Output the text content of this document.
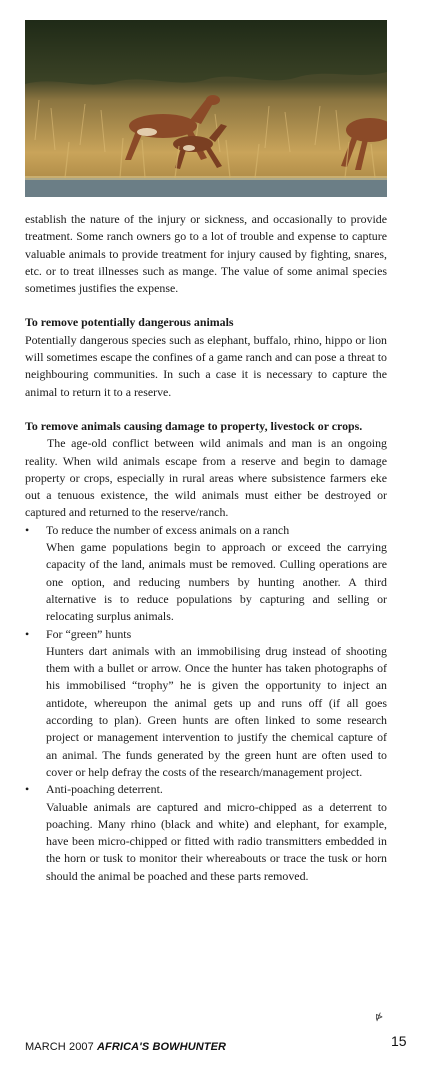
establish the nature of the injury or sickness, and occasionally to provide treatment. Some ranch owners go to a lot of trouble and expense to capture valuable animals to provide treatment for injury caused by fighting, snares, etc. or to treat illnesses such as mange. The value of some animal species sometimes justifies the expense.

To remove potentially dangerous animals

Potentially dangerous species such as elephant, buffalo, rhino, hippo or lion will sometimes escape the confines of a game ranch and can pose a threat to neighbouring communities. In such a case it is necessary to capture the animal to return it to a reserve.

To remove animals causing damage to property, livestock or crops.

The age-old conflict between wild animals and man is an ongoing reality. When wild animals escape from a reserve and begin to damage property or crops, especially in rural areas where subsistence farmers eke out a tenuous existence, the wild animals must either be destroyed or captured and returned to the reserve/ranch.

• To reduce the number of excess animals on a ranch
When game populations begin to approach or exceed the carrying capacity of the land, animals must be removed. Culling operations are one option, and reducing numbers by hunting another. A third alternative is to reduce populations by capturing and selling or relocating surplus animals.
• For “green” hunts
Hunters dart animals with an immobilising drug instead of shooting them with a bullet or arrow. Once the hunter has taken photographs of his immobilised “trophy” he is given the opportunity to inject an antidote, whereupon the animal gets up and runs off (if all goes according to plan). Green hunts are often linked to some research project or management intervention to justify the chemical capture of an animal. The funds generated by the green hunt are often used to cover or help defray the costs of the research/management project.
• Anti-poaching deterrent.
Valuable animals are captured and micro-chipped as a deterrent to poaching. Many rhino (black and white) and elephant, for example, have been micro-chipped or fitted with radio transmitters embedded in the horn or tusk to monitor their whereabouts or trace the tusk or horn should the animal be poached and these parts removed.
⋫
MARCH 2007 AFRICA'S BOWHUNTER	15
